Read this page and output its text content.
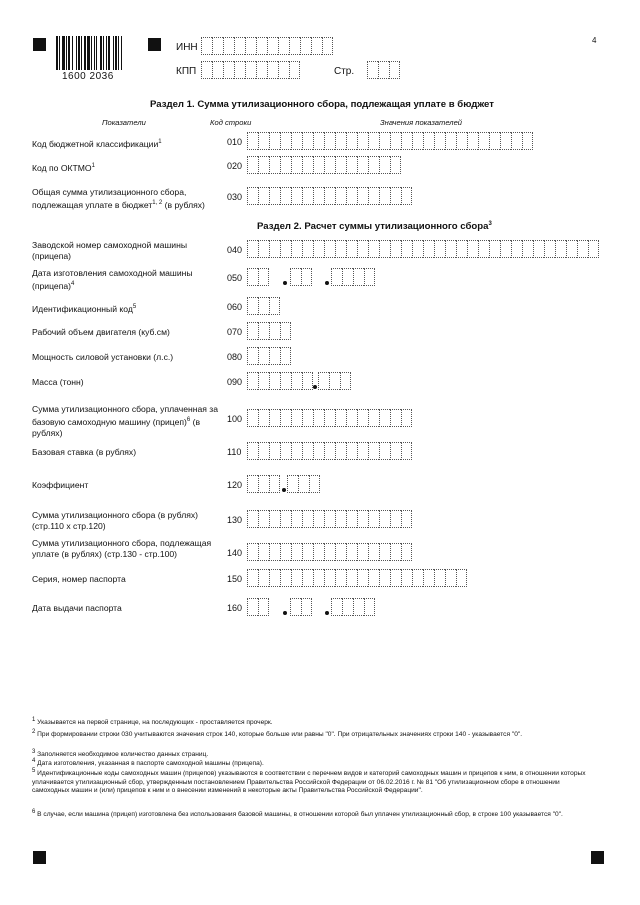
1600 2036
4
ИНН
КПП	Стр.
Раздел 1. Сумма утилизационного сбора, подлежащая уплате в бюджет
Показатели	Код строки	Значения показателей
Раздел 2. Расчет суммы утилизационного сбора$^3$
Код бюджетной классификации$^1$	010
Код по ОКТМО$^1$	020
Общая сумма утилизационного сбора, подлежащая уплате в бюджет$^{1, 2}$ (в рублях)
030
Заводской номер самоходной машины (прицепа)
040
Дата изготовления самоходной машины (прицепа)$^4$
050
Идентификационный код$^5$	060
Рабочий объем двигателя (куб.см)	070
Мощность силовой установки (л.с.)	080
Масса (тонн)	090
Сумма утилизационного сбора, уплаченная за базовую самоходную машину (прицеп)$^6$ (в рублях)
100
Базовая ставка (в рублях)	110
Коэффициент	120
Сумма утилизационного сбора (в рублях) (стр.110 х стр.120)
130
Сумма утилизационного сбора, подлежащая уплате (в рублях) (стр.130 - стр.100)	140
Серия, номер паспорта	150
Дата выдачи паспорта	160
$^1$ Указывается на первой странице, на последующих - проставляется прочерк.
$^2$ При формировании строки 030 учитываются значения строк 140, которые больше или равны "0". При отрицательных значениях строки 140 - указывается "0".
$^3$ Заполняется необходимое количество данных страниц.
$^4$ Дата изготовления, указанная в паспорте самоходной машины (прицепа).
$^5$ Идентификационные коды самоходных машин (прицепов) указываются в соответствии с перечнем видов и категорий самоходных машин и прицепов к ним, в отношении которых уплачивается утилизационный сбор, утвержденным постановлением Правительства Российской Федерации от 06.02.2016 г. № 81 "Об утилизационном сборе в отношении самоходных машин и (или) прицепов к ним и о внесении изменений в некоторые акты Правительства Российской Федерации".
$^6$ В случае, если машина (прицеп) изготовлена без использования базовой машины, в отношении которой был уплачен утилизационный сбор, в строке 100 указывается "0".
